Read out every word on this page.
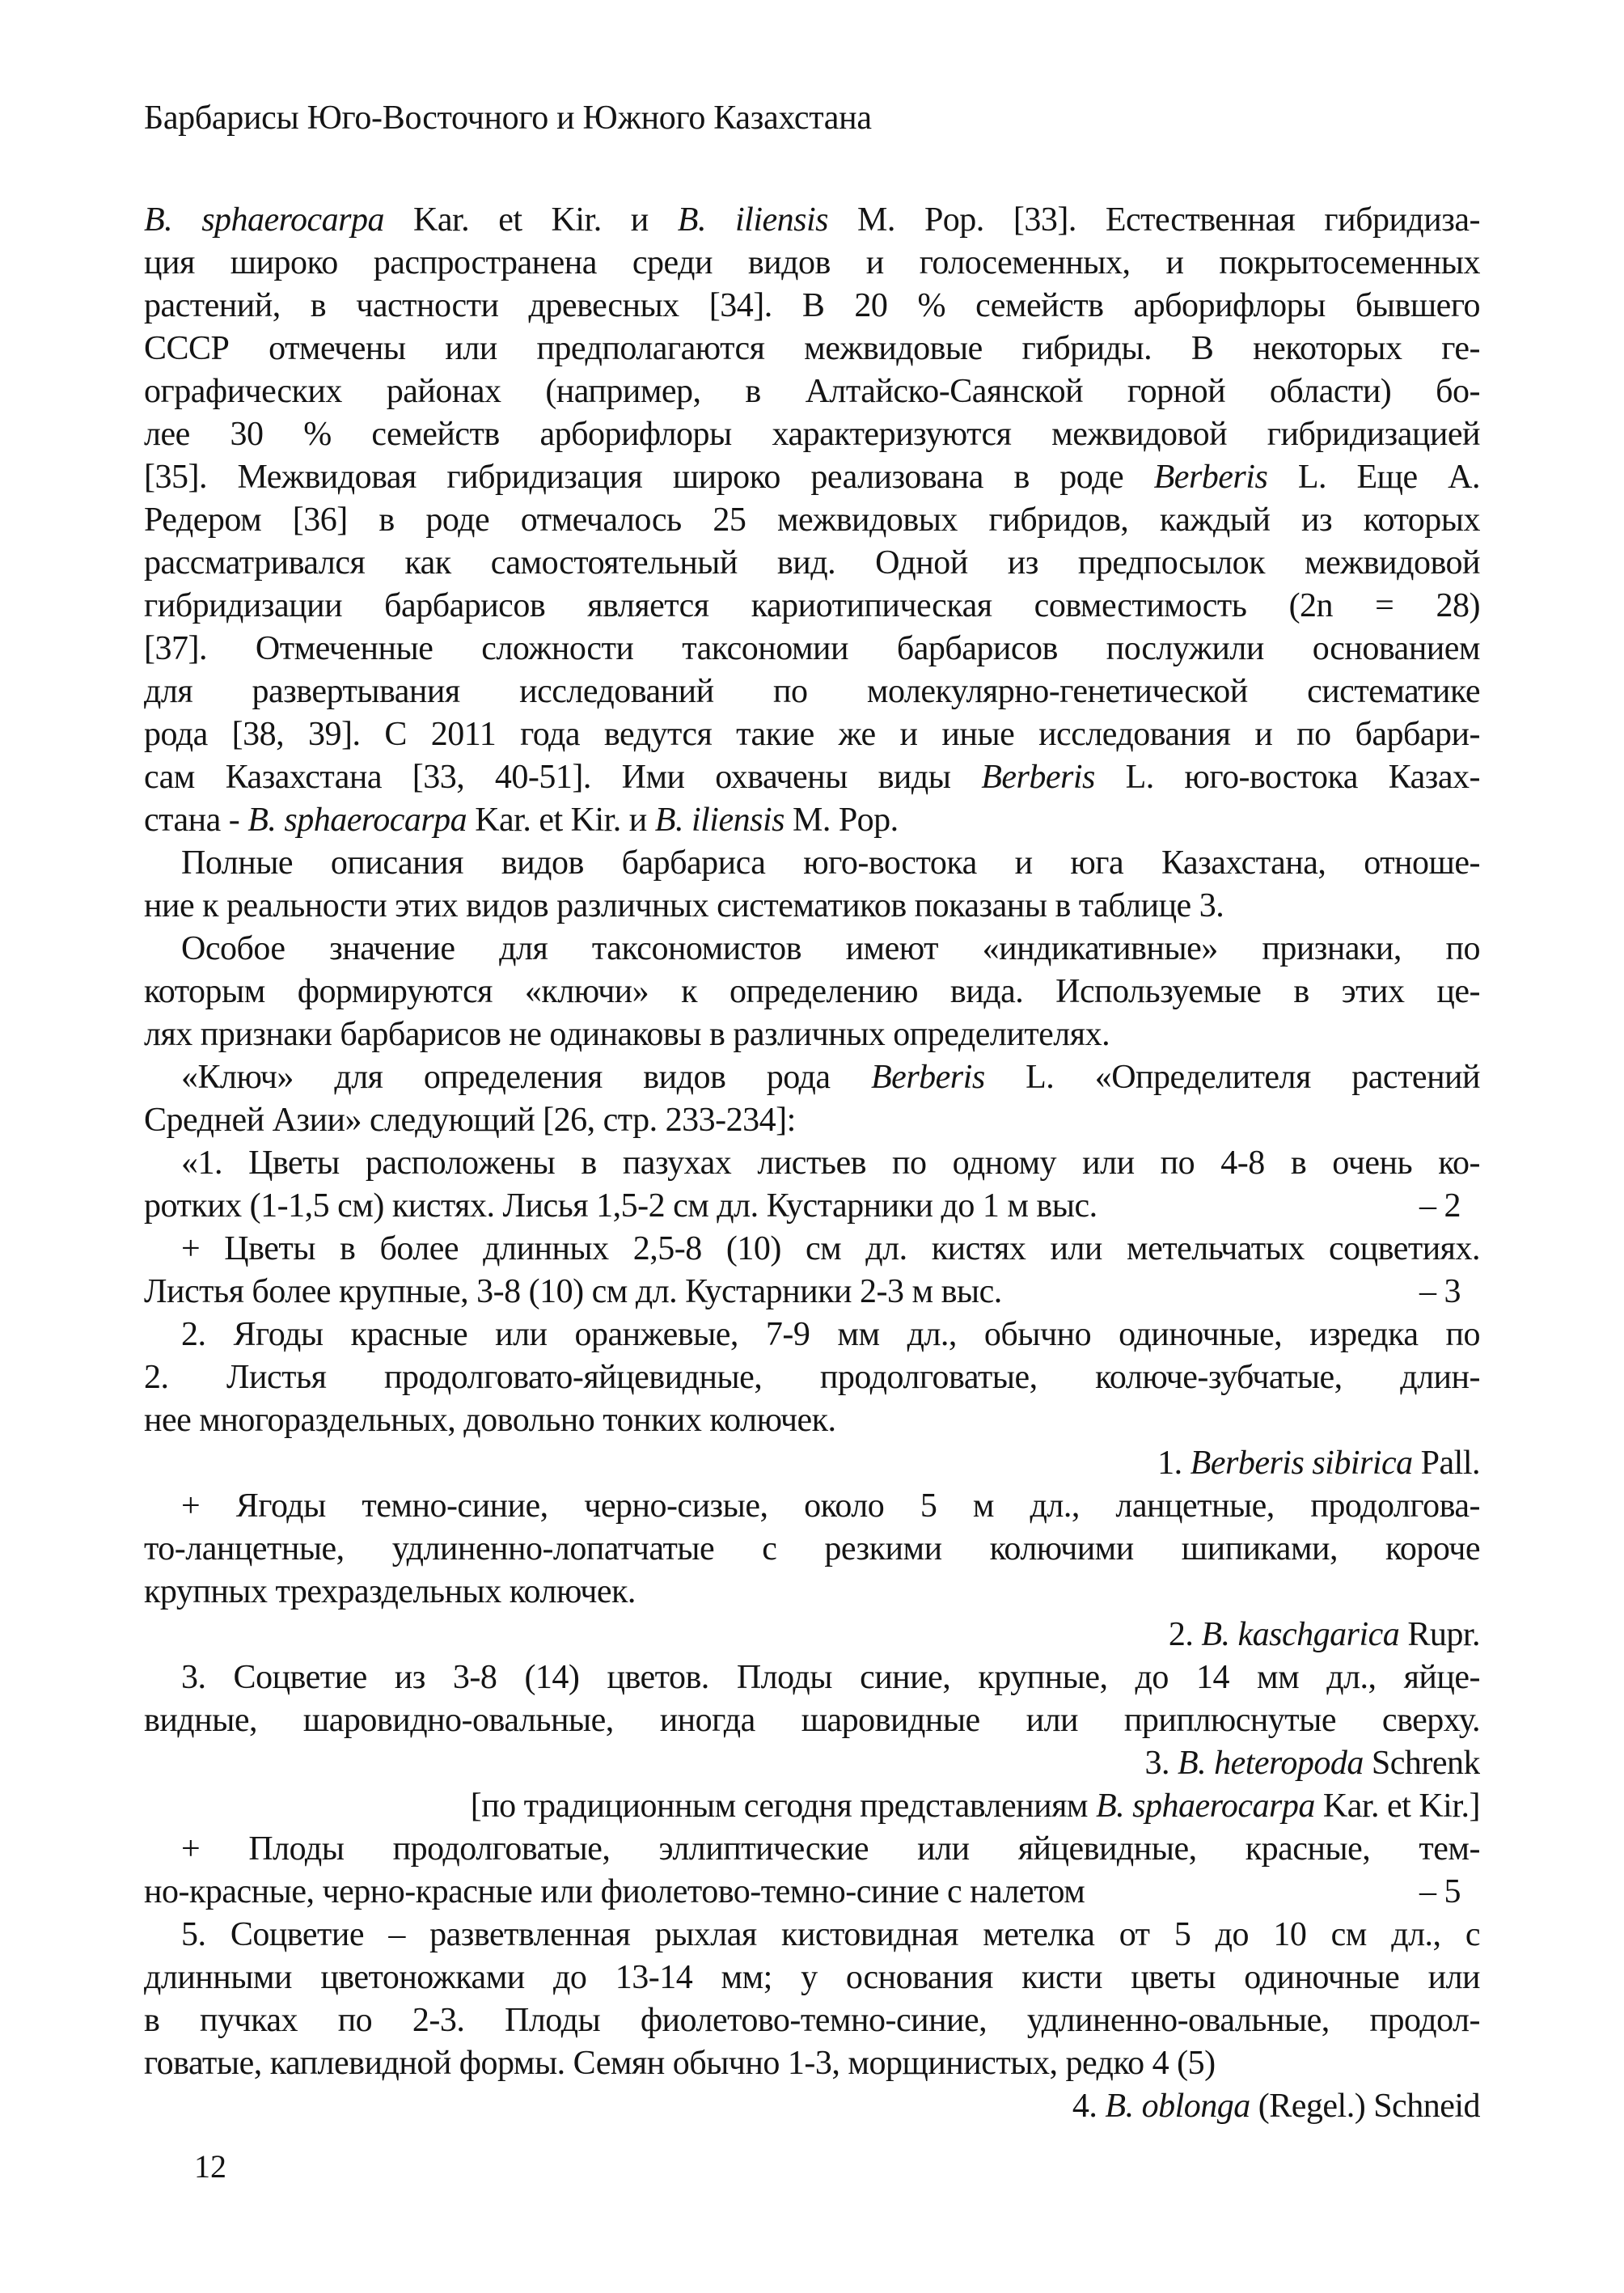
Барбарисы Юго-Восточного и Южного Казахстана
B. sphaerocarpa Kar. et Kir. и B. iliensis M. Pop. [33]. Естественная гибридиза-
ция широко распространена среди видов и голосеменных, и покрытосеменных
растений, в частности древесных [34]. В 20 % семейств арборифлоры бывшего
СССР отмечены или предполагаются межвидовые гибриды. В некоторых ге-
ографических районах (например, в Алтайско-Саянской горной области) бо-
лее 30 % семейств арборифлоры характеризуются межвидовой гибридизацией
[35]. Межвидовая гибридизация широко реализована в роде Berberis L. Еще А.
Редером [36] в роде отмечалось 25 межвидовых гибридов, каждый из которых
рассматривался как самостоятельный вид. Одной из предпосылок межвидовой
гибридизации барбарисов является кариотипическая совместимость (2n = 28)
[37]. Отмеченные сложности таксономии барбарисов послужили основанием
для развертывания исследований по молекулярно-генетической систематике
рода [38, 39]. С 2011 года ведутся такие же и иные исследования и по барбари-
сам Казахстана [33, 40-51]. Ими охвачены виды Berberis L. юго-востока Казах-
стана - B. sphaerocarpa Kar. et Kir. и B. iliensis M. Pop.
Полные описания видов барбариса юго-востока и юга Казахстана, отноше-
ние к реальности этих видов различных систематиков показаны в таблице 3.
Особое значение для таксономистов имеют «индикативные» признаки, по
которым формируются «ключи» к определению вида. Используемые в этих це-
лях признаки барбарисов не одинаковы в различных определителях.
«Ключ» для определения видов рода Berberis L. «Определителя растений
Средней Азии» следующий [26, стр. 233-234]:
«1. Цветы расположены в пазухах листьев по одному или по 4-8 в очень ко-
ротких (1-1,5 см) кистях. Лисья 1,5-2 см дл. Кустарники до 1 м выс.	– 2
+ Цветы в более длинных 2,5-8 (10) см дл. кистях или метельчатых соцветиях.
Листья более крупные, 3-8 (10) см дл. Кустарники 2-3 м выс.	– 3
2. Ягоды красные или оранжевые, 7-9 мм дл., обычно одиночные, изредка по
2. Листья продолговато-яйцевидные, продолговатые, колюче-зубчатые, длин-
нее многораздельных, довольно тонких колючек.
1. Berberis sibirica Pall.
+ Ягоды темно-синие, черно-сизые, около 5 м дл., ланцетные, продолгова-
то-ланцетные, удлиненно-лопатчатые с резкими колючими шипиками, короче
крупных трехраздельных колючек.
2. B. kaschgarica Rupr.
3. Соцветие из 3-8 (14) цветов. Плоды синие, крупные, до 14 мм дл., яйце-
видные, шаровидно-овальные, иногда шаровидные или приплюснутые сверху.
3. B. heteropoda Schrenk
[по традиционным сегодня представлениям B. sphaerocarpa Kar. et Kir.]
+ Плоды продолговатые, эллиптические или яйцевидные, красные, тем-
но-красные, черно-красные или фиолетово-темно-синие с налетом	– 5
5. Соцветие – разветвленная рыхлая кистовидная метелка от 5 до 10 см дл., с
длинными цветоножками до 13-14 мм; у основания кисти цветы одиночные или
в пучках по 2-3. Плоды фиолетово-темно-синие, удлиненно-овальные, продол-
говатые, каплевидной формы. Семян обычно 1-3, морщинистых, редко 4 (5)
4. B. oblonga (Regel.) Schneid
12
